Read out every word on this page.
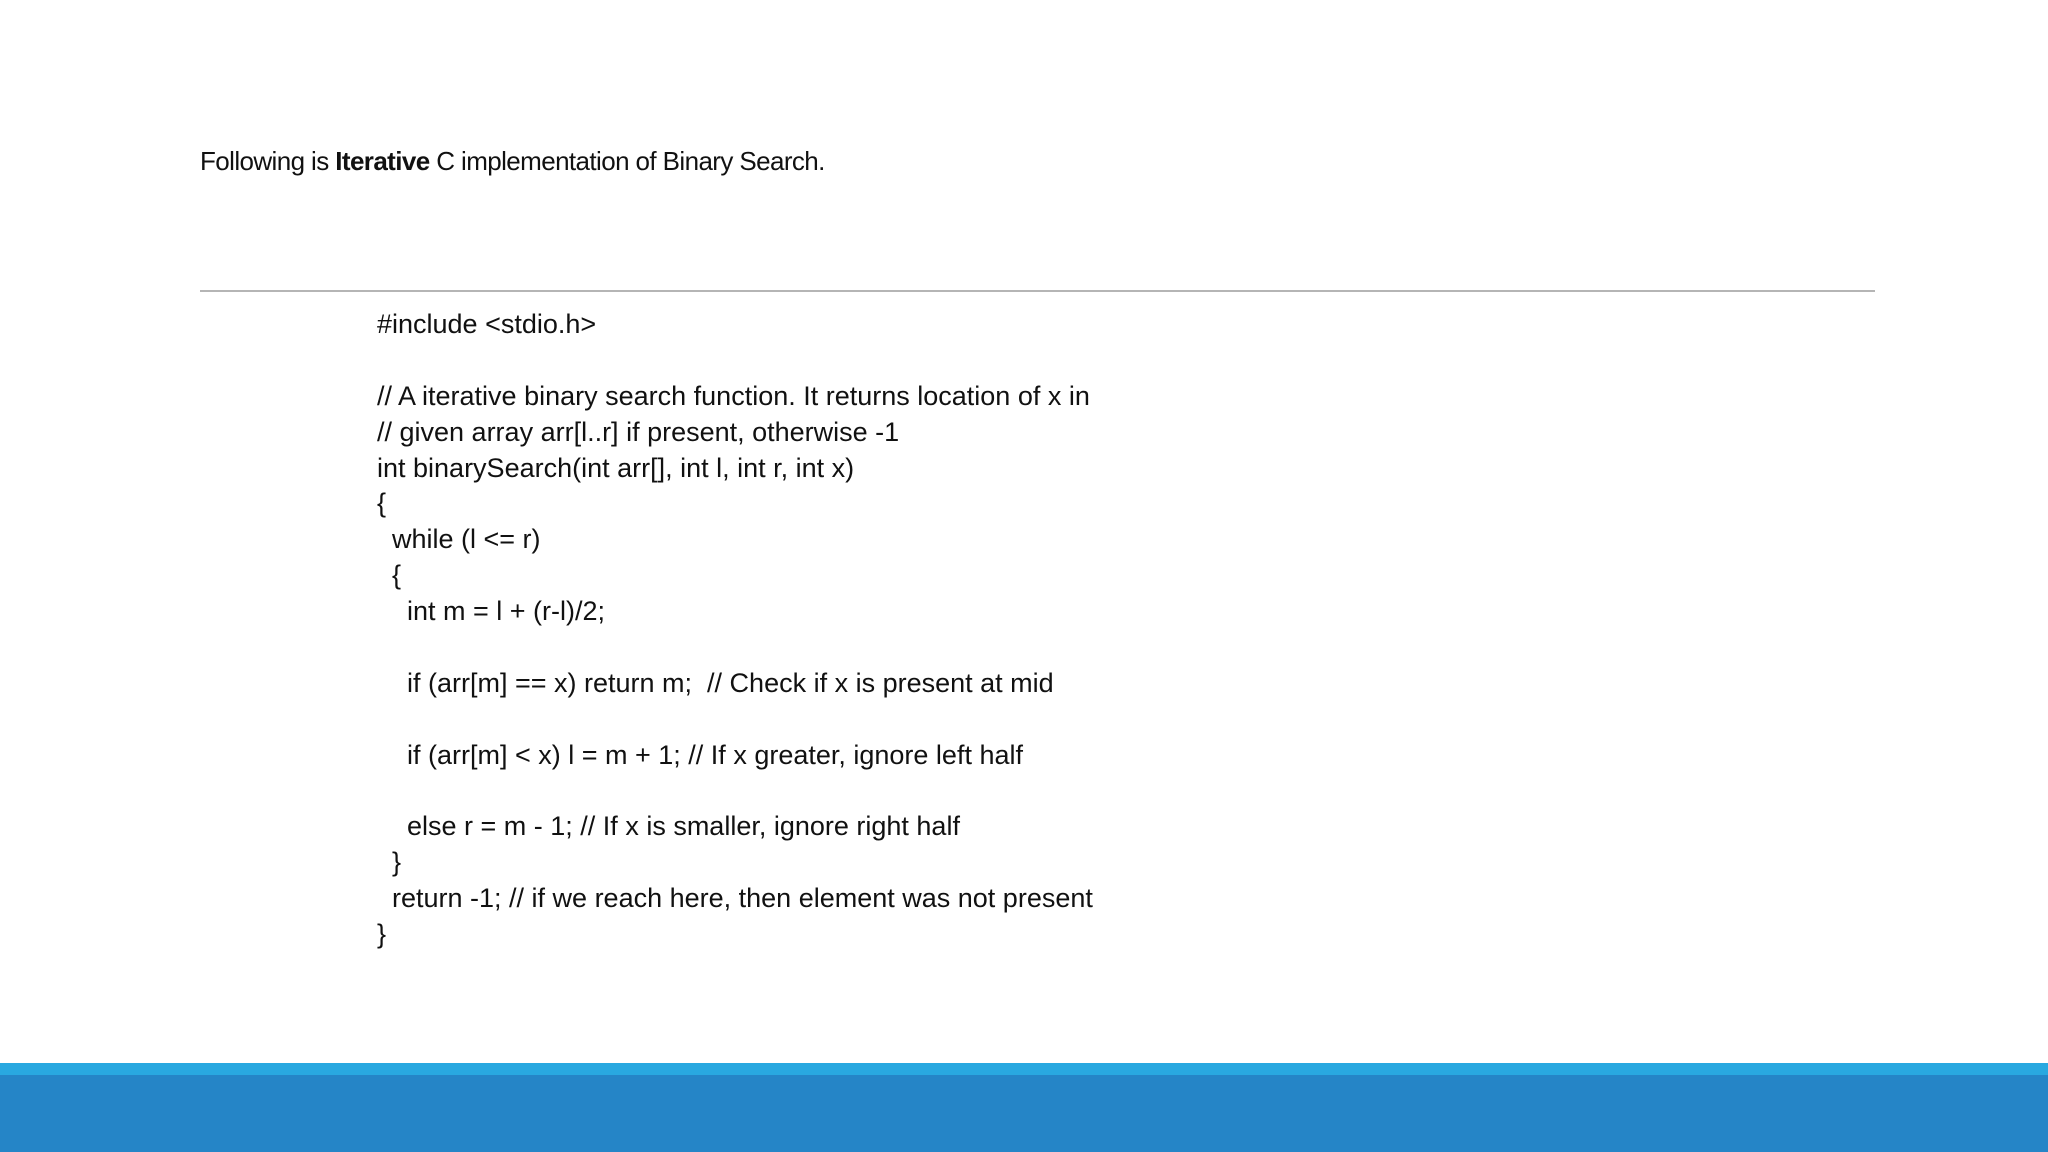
Following is Iterative C implementation of Binary Search.
#include <stdio.h>
// A iterative binary search function. It returns location of x in
// given array arr[l..r] if present, otherwise -1
int binarySearch(int arr[], int l, int r, int x)
{
while (l <= r)
{
int m = l + (r-l)/2;
if (arr[m] == x) return m;  // Check if x is present at mid
if (arr[m] < x) l = m + 1; // If x greater, ignore left half
else r = m - 1; // If x is smaller, ignore right half
}
return -1; // if we reach here, then element was not present
}
